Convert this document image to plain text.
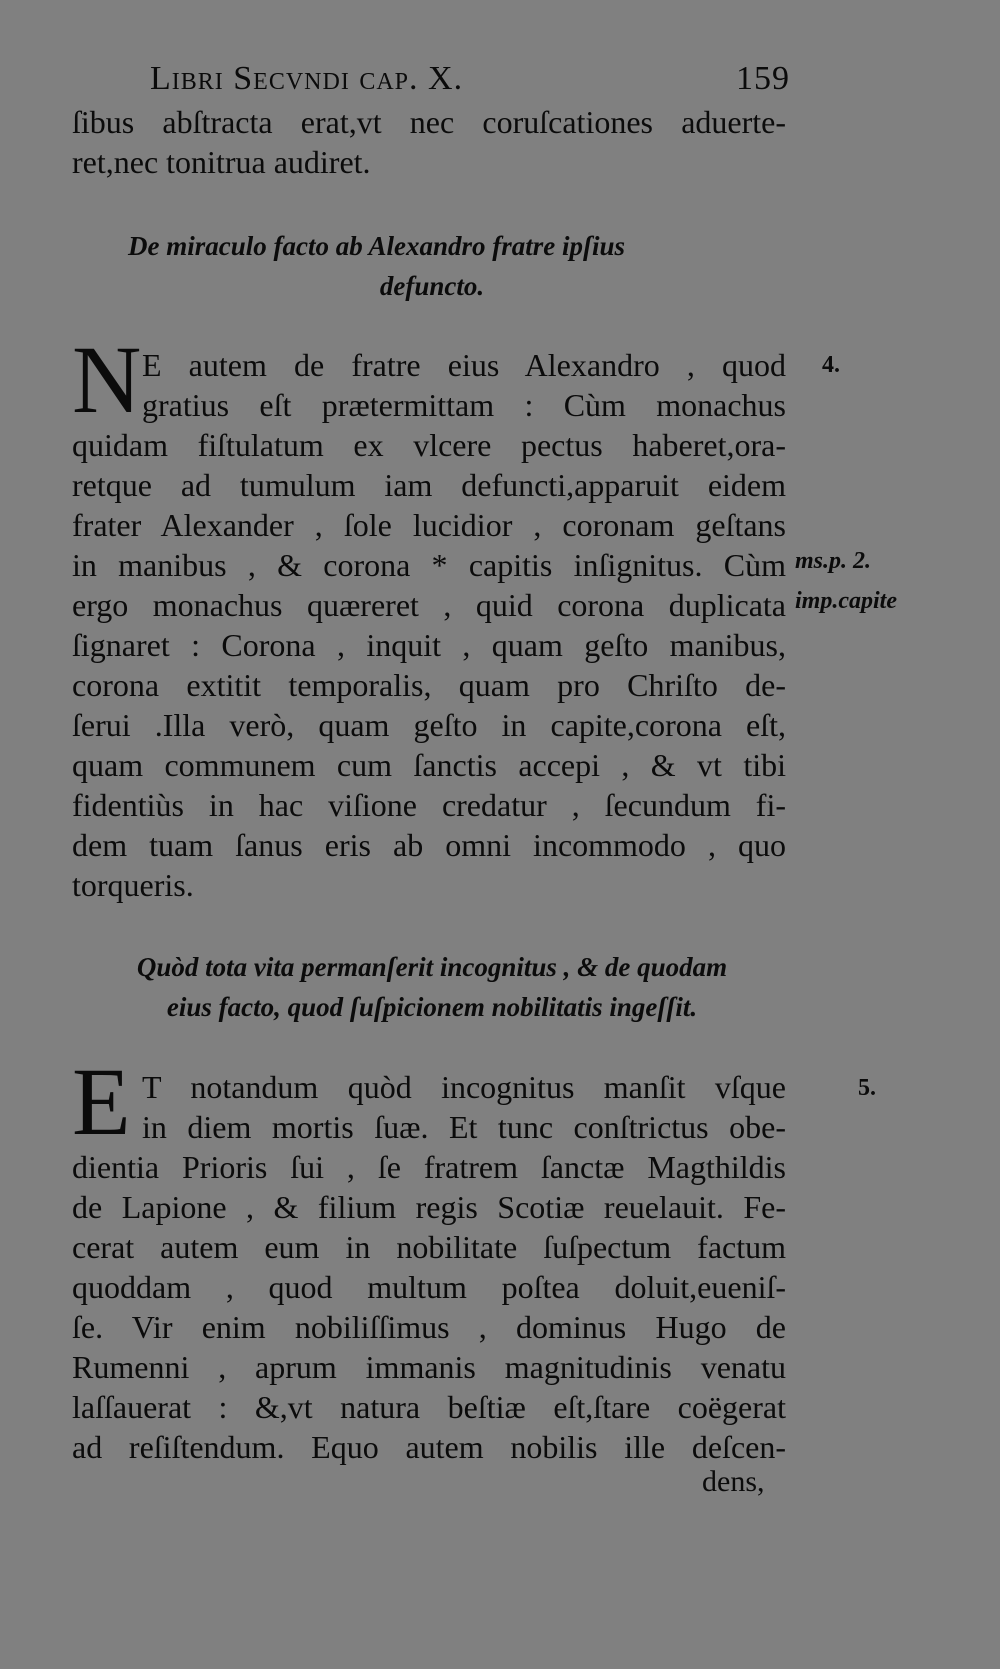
Libri Secvndi cap. X.	159
ſibus abſtracta erat,vt nec coruſcationes aduerte-
ret,nec tonitrua audiret.
De miraculo facto ab Alexandro fratre ipſius
defuncto.
N E autem de fratre eius Alexandro , quod
gratius eſt prætermittam : Cùm monachus
quidam fiſtulatum ex vlcere pectus haberet,ora-
retque ad tumulum iam defuncti,apparuit eidem
frater Alexander , ſole lucidior , coronam geſtans
in manibus , & corona * capitis inſignitus. Cùm
ergo monachus quæreret , quid corona duplicata
ſignaret : Corona , inquit , quam geſto manibus,
corona extitit temporalis, quam pro Chriſto de-
ſerui .Illa verò, quam geſto in capite,corona eſt,
quam communem cum ſanctis accepi , & vt tibi
fidentiùs in hac viſione credatur , ſecundum fi-
dem tuam ſanus eris ab omni incommodo , quo
torqueris.
4.
ms.p. 2.
imp.capite
Quòd tota vita permanſerit incognitus , & de quodam
eius facto, quod ſuſpicionem nobilitatis ingeſſit.
E T notandum quòd incognitus manſit vſque
in diem mortis ſuæ. Et tunc conſtrictus obe-
dientia Prioris ſui , ſe fratrem ſanctæ Magthildis
de Lapione , & filium regis Scotiæ reuelauit. Fe-
cerat autem eum in nobilitate ſuſpectum factum
quoddam , quod multum poſtea doluit,eueniſ-
ſe. Vir enim nobiliſſimus , dominus Hugo de
Rumenni , aprum immanis magnitudinis venatu
laſſauerat : &,vt natura beſtiæ eſt,ſtare coëgerat
ad reſiſtendum. Equo autem nobilis ille deſcen-
5.
dens,
